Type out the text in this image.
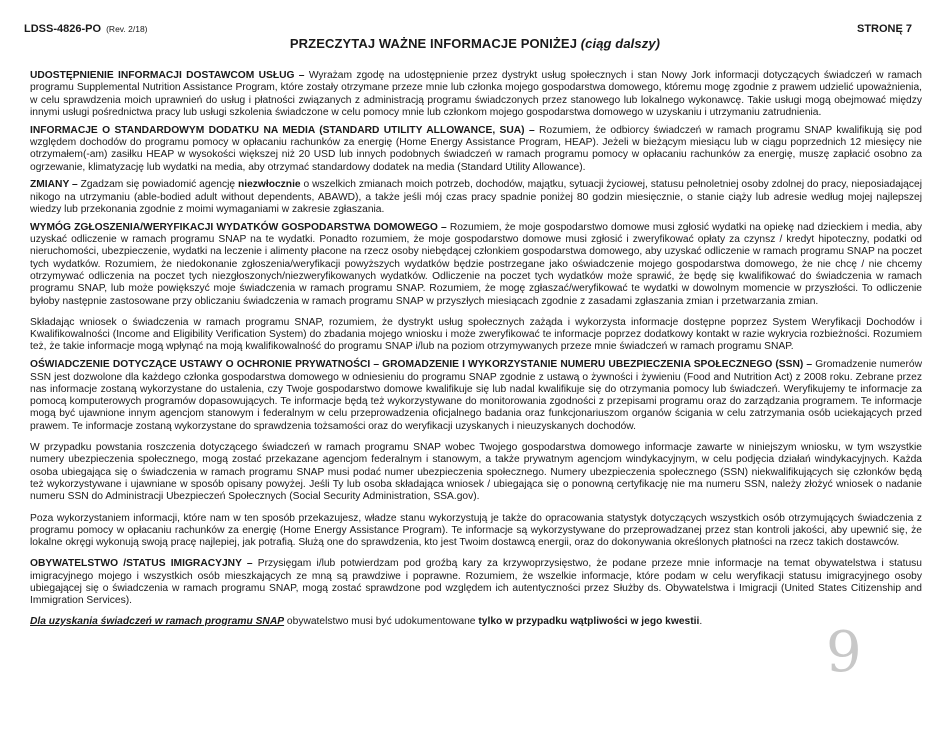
LDSS-4826-PO (Rev. 2/18)	STRONĘ 7
PRZECZYTAJ WAŻNE INFORMACJE PONIŻEJ (ciąg dalszy)

UDOSTĘPNIENIE INFORMACJI DOSTAWCOM USŁUG – Wyrażam zgodę na udostępnienie przez dystrykt usług społecznych i stan Nowy Jork informacji dotyczących świadczeń w ramach programu Supplemental Nutrition Assistance Program, które zostały otrzymane przeze mnie lub członka mojego gospodarstwa domowego, któremu mogę zgodnie z prawem udzielić upoważnienia, w celu sprawdzenia moich uprawnień do usług i płatności związanych z administracją programu świadczonych przez stanowego lub lokalnego wykonawcę. Takie usługi mogą obejmować między innymi usługi pośrednictwa pracy lub usługi szkolenia świadczone w celu pomocy mnie lub członkom mojego gospodarstwa domowego w uzyskaniu i utrzymaniu zatrudnienia.

INFORMACJE O STANDARDOWYM DODATKU NA MEDIA (STANDARD UTILITY ALLOWANCE, SUA) – Rozumiem, że odbiorcy świadczeń w ramach programu SNAP kwalifikują się pod względem dochodów do programu pomocy w opłacaniu rachunków za energię (Home Energy Assistance Program, HEAP). Jeżeli w bieżącym miesiącu lub w ciągu poprzednich 12 miesięcy nie otrzymałem(-am) zasiłku HEAP w wysokości większej niż 20 USD lub innych podobnych świadczeń w ramach programu pomocy w opłacaniu rachunków za energię, muszę zapłacić osobno za ogrzewanie, klimatyzację lub wydatki na media, aby otrzymać standardowy dodatek na media (Standard Utility Allowance).

ZMIANY – Zgadzam się powiadomić agencję niezwłocznie o wszelkich zmianach moich potrzeb, dochodów, majątku, sytuacji życiowej, statusu pełnoletniej osoby zdolnej do pracy, nieposiadającej nikogo na utrzymaniu (able-bodied adult without dependents, ABAWD), a także jeśli mój czas pracy spadnie poniżej 80 godzin miesięcznie, o stanie ciąży lub adresie według mojej najlepszej wiedzy lub przekonania zgodnie z moimi wymaganiami w zakresie zgłaszania.

WYMÓG ZGŁOSZENIA/WERYFIKACJI WYDATKÓW GOSPODARSTWA DOMOWEGO – Rozumiem, że moje gospodarstwo domowe musi zgłosić wydatki na opiekę nad dzieckiem i media, aby uzyskać odliczenie w ramach programu SNAP na te wydatki. Ponadto rozumiem, że moje gospodarstwo domowe musi zgłosić i zweryfikować opłaty za czynsz / kredyt hipoteczny, podatki od nieruchomości, ubezpieczenie, wydatki na leczenie i alimenty płacone na rzecz osoby niebędącej członkiem gospodarstwa domowego, aby uzyskać odliczenie w ramach programu SNAP na poczet tych wydatków. Rozumiem, że niedokonanie zgłoszenia/weryfikacji powyższych wydatków będzie postrzegane jako oświadczenie mojego gospodarstwa domowego, że nie chcę / nie chcemy otrzymywać odliczenia na poczet tych niezgłoszonych/niezweryfikowanych wydatków. Odliczenie na poczet tych wydatków może sprawić, że będę się kwalifikować do świadczenia w ramach programu SNAP, lub może powiększyć moje świadczenia w ramach programu SNAP. Rozumiem, że mogę zgłaszać/weryfikować te wydatki w dowolnym momencie w przyszłości. To odliczenie byłoby następnie zastosowane przy obliczaniu świadczenia w ramach programu SNAP w przyszłych miesiącach zgodnie z zasadami zgłaszania zmian i przetwarzania zmian.

Składając wniosek o świadczenia w ramach programu SNAP, rozumiem, że dystrykt usług społecznych zażąda i wykorzysta informacje dostępne poprzez System Weryfikacji Dochodów i Kwalifikowalności (Income and Eligibility Verification System) do zbadania mojego wniosku i może zweryfikować te informacje poprzez dodatkowy kontakt w razie wykrycia rozbieżności. Rozumiem też, że takie informacje mogą wpłynąć na moją kwalifikowalność do programu SNAP i/lub na poziom otrzymywanych przeze mnie świadczeń w ramach programu SNAP.

OŚWIADCZENIE DOTYCZĄCE USTAWY O OCHRONIE PRYWATNOŚCI – GROMADZENIE I WYKORZYSTANIE NUMERU UBEZPIECZENIA SPOŁECZNEGO (SSN) – Gromadzenie numerów SSN jest dozwolone dla każdego członka gospodarstwa domowego w odniesieniu do programu SNAP zgodnie z ustawą o żywności i żywieniu (Food and Nutrition Act) z 2008 roku. Zebrane przez nas informacje zostaną wykorzystane do ustalenia, czy Twoje gospodarstwo domowe kwalifikuje się lub nadal kwalifikuje się do otrzymania pomocy lub świadczeń. Weryfikujemy te informacje za pomocą komputerowych programów dopasowujących. Te informacje będą też wykorzystywane do monitorowania zgodności z przepisami programu oraz do zarządzania programem. Te informacje mogą być ujawnione innym agencjom stanowym i federalnym w celu przeprowadzenia oficjalnego badania oraz funkcjonariuszom organów ścigania w celu zatrzymania osób uciekających przed prawem. Te informacje zostaną wykorzystane do sprawdzenia tożsamości oraz do weryfikacji uzyskanych i nieuzyskanych dochodów.

W przypadku powstania roszczenia dotyczącego świadczeń w ramach programu SNAP wobec Twojego gospodarstwa domowego informacje zawarte w niniejszym wniosku, w tym wszystkie numery ubezpieczenia społecznego, mogą zostać przekazane agencjom federalnym i stanowym, a także prywatnym agencjom windykacyjnym, w celu podjęcia działań windykacyjnych. Każda osoba ubiegająca się o świadczenia w ramach programu SNAP musi podać numer ubezpieczenia społecznego. Numery ubezpieczenia społecznego (SSN) niekwalifikujących się członków będą też wykorzystywane i ujawniane w sposób opisany powyżej. Jeśli Ty lub osoba składająca wniosek / ubiegająca się o ponowną certyfikację nie ma numeru SSN, należy złożyć wniosek o nadanie numeru SSN do Administracji Ubezpieczeń Społecznych (Social Security Administration, SSA.gov).

Poza wykorzystaniem informacji, które nam w ten sposób przekazujesz, władze stanu wykorzystują je także do opracowania statystyk dotyczących wszystkich osób otrzymujących świadczenia z programu pomocy w opłacaniu rachunków za energię (Home Energy Assistance Program). Te informacje są wykorzystywane do przeprowadzanej przez stan kontroli jakości, aby upewnić się, że lokalne okręgi wykonują swoją pracę najlepiej, jak potrafią. Służą one do sprawdzenia, kto jest Twoim dostawcą energii, oraz do dokonywania określonych płatności na rzecz takich dostawców.

OBYWATELSTWO /STATUS IMIGRACYJNY – Przysięgam i/lub potwierdzam pod groźbą kary za krzywoprzysięstwo, że podane przeze mnie informacje na temat obywatelstwa i statusu imigracyjnego mojego i wszystkich osób mieszkających ze mną są prawdziwe i poprawne. Rozumiem, że wszelkie informacje, które podam w celu weryfikacji statusu imigracyjnego osoby ubiegającej się o świadczenia w ramach programu SNAP, mogą zostać sprawdzone pod względem ich autentyczności przez Służby ds. Obywatelstwa i Imigracji (United States Citizenship and Immigration Services).

Dla uzyskania świadczeń w ramach programu SNAP obywatelstwo musi być udokumentowane tylko w przypadku wątpliwości w jego kwestii.	9
